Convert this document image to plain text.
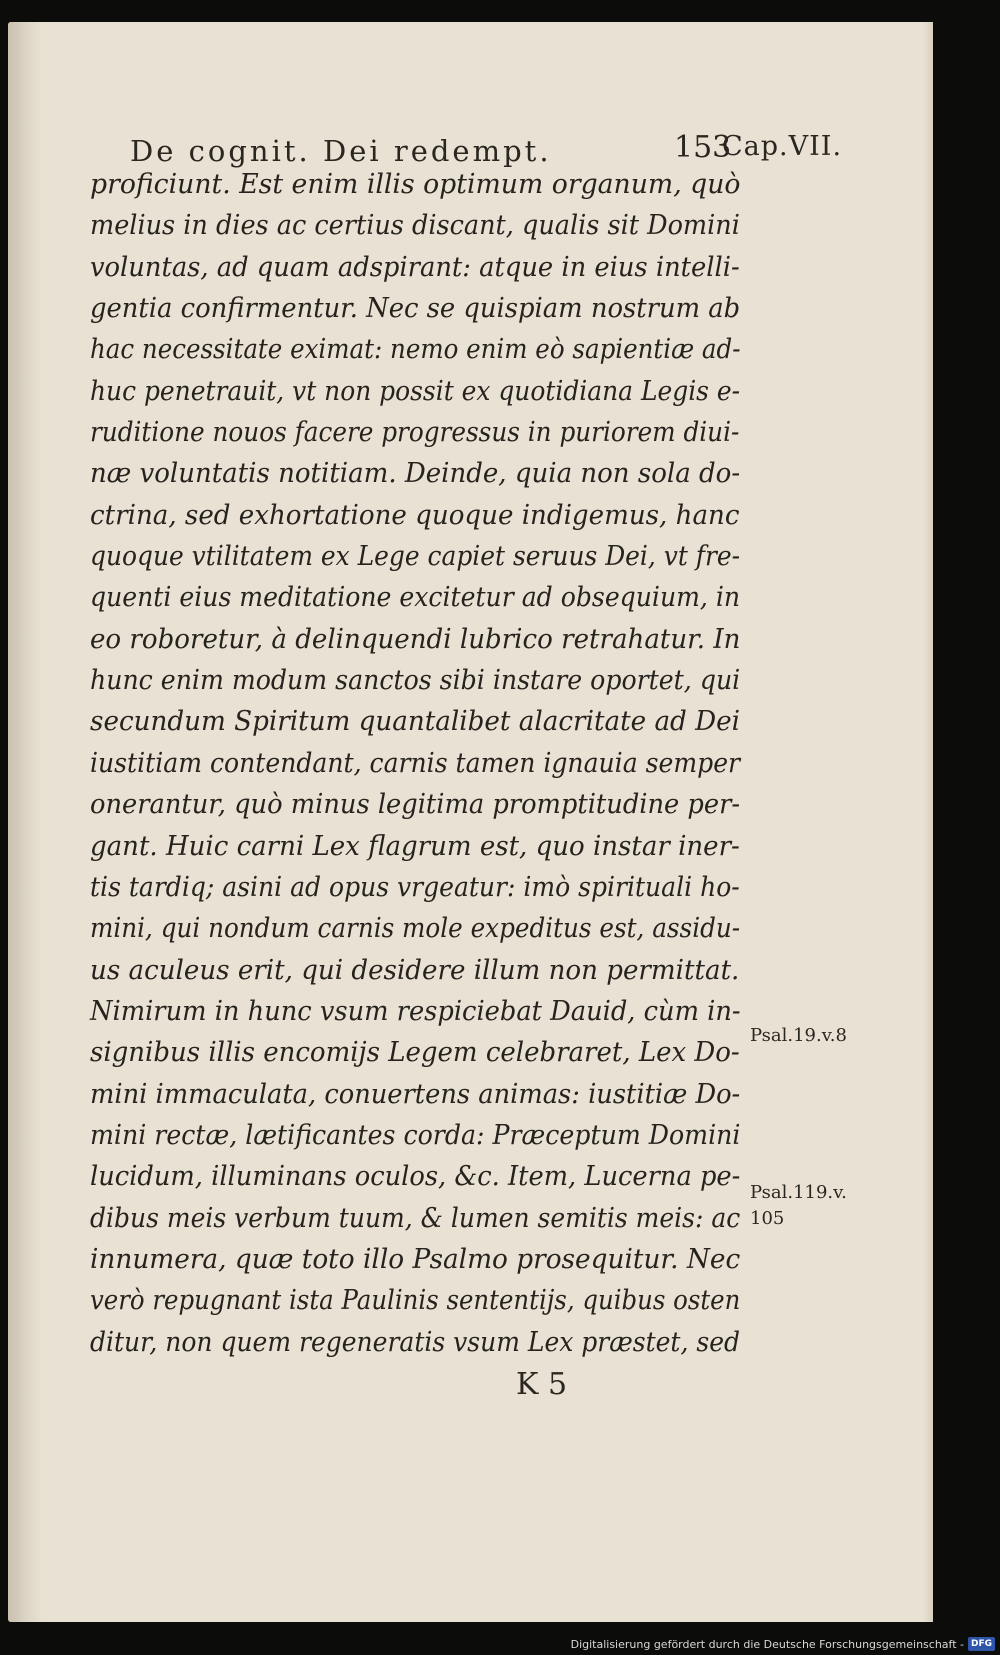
De cognit. Dei redempt.	153
Cap.VII.
proficiunt. Est enim illis optimum organum, quò
melius in dies ac certius discant, qualis sit Domini
voluntas, ad quam adspirant: atque in eius intelli-
gentia confirmentur. Nec se quispiam nostrum ab
hac necessitate eximat: nemo enim eò sapientiæ ad-
huc penetrauit, vt non possit ex quotidiana Legis e-
ruditione nouos facere progressus in puriorem diui-
næ voluntatis notitiam. Deinde, quia non sola do-
ctrina, sed exhortatione quoque indigemus, hanc
quoque vtilitatem ex Lege capiet seruus Dei, vt fre-
quenti eius meditatione excitetur ad obsequium, in
eo roboretur, à delinquendi lubrico retrahatur. In
hunc enim modum sanctos sibi instare oportet, qui
secundum Spiritum quantalibet alacritate ad Dei
iustitiam contendant, carnis tamen ignauia semper
onerantur, quò minus legitima promptitudine per-
gant. Huic carni Lex flagrum est, quo instar iner-
tis tardiq; asini ad opus vrgeatur: imò spirituali ho-
mini, qui nondum carnis mole expeditus est, assidu-
us aculeus erit, qui desidere illum non permittat.
Nimirum in hunc vsum respiciebat Dauid, cùm in-
signibus illis encomijs Legem celebraret, Lex Do-
mini immaculata, conuertens animas: iustitiæ Do-
mini rectæ, lætificantes corda: Præceptum Domini
lucidum, illuminans oculos, &c. Item, Lucerna pe-
dibus meis verbum tuum, & lumen semitis meis: ac
innumera, quæ toto illo Psalmo prosequitur. Nec
verò repugnant ista Paulinis sententijs, quibus osten
ditur, non quem regeneratis vsum Lex præstet, sed
Psal.19.v.8
Psal.119.v.
105
K 5
Digitalisierung gefördert durch die Deutsche Forschungsgemeinschaft - DFG
